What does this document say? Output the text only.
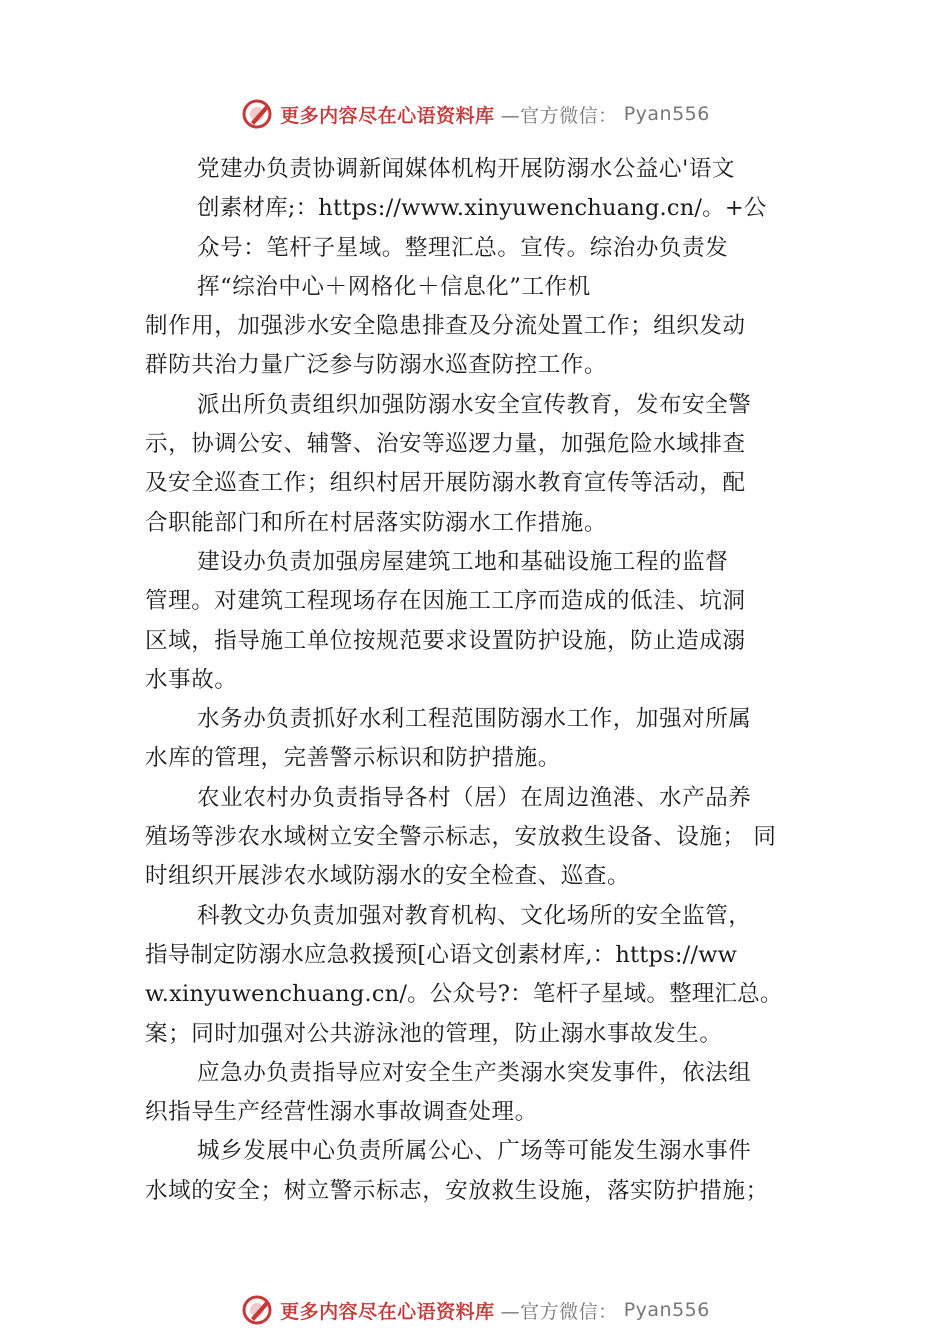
更多内容尽在心语资料库 —官方微信： Pyan556
党建办负责协调新闻媒体机构开展防溺水公益心'语文
创素材库;：https://www.xinyuwenchuang.cn/。+公
众号：笔杆子星域。整理汇总。宣传。综治办负责发
挥“综治中心＋网格化＋信息化”工作机
制作用，加强涉水安全隐患排查及分流处置工作；组织发动
群防共治力量广泛参与防溺水巡查防控工作。
派出所负责组织加强防溺水安全宣传教育，发布安全警
示，协调公安、辅警、治安等巡逻力量，加强危险水域排查
及安全巡查工作；组织村居开展防溺水教育宣传等活动，配
合职能部门和所在村居落实防溺水工作措施。
建设办负责加强房屋建筑工地和基础设施工程的监督
管理。对建筑工程现场存在因施工工序而造成的低洼、坑洞
区域，指导施工单位按规范要求设置防护设施，防止造成溺
水事故。
水务办负责抓好水利工程范围防溺水工作，加强对所属
水库的管理，完善警示标识和防护措施。
农业农村办负责指导各村（居）在周边渔港、水产品养
殖场等涉农水域树立安全警示标志，安放救生设备、设施； 同
时组织开展涉农水域防溺水的安全检查、巡查。
科教文办负责加强对教育机构、文化场所的安全监管，
指导制定防溺水应急救援预[心语文创素材库,：https://ww
w.xinyuwenchuang.cn/。公众号?：笔杆子星域。整理汇总。
案；同时加强对公共游泳池的管理，防止溺水事故发生。
应急办负责指导应对安全生产类溺水突发事件，依法组
织指导生产经营性溺水事故调查处理。
城乡发展中心负责所属公心、广场等可能发生溺水事件
水域的安全；树立警示标志，安放救生设施，落实防护措施；
更多内容尽在心语资料库 —官方微信： Pyan556
